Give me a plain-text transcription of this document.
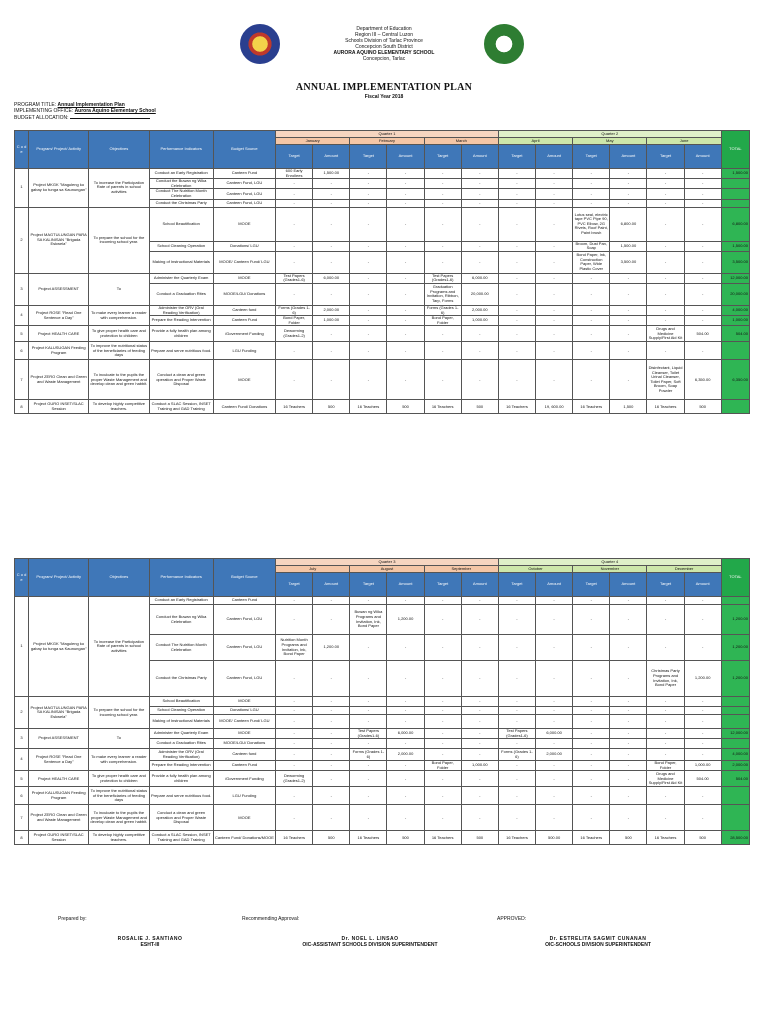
Department of Education
Region III – Central Luzon
Schools Division of Tarlac Province
Concepcion South District
AURORA AQUINO ELEMENTARY SCHOOL
Concepcion, Tarlac
ANNUAL IMPLEMENTATION PLAN
Fiscal Year 2018
PROGRAM TITLE: Annual Implementation Plan
IMPLEMENTING OFFICE: Aurora Aquino Elementary School
BUDGET ALLOCATION:
C o d e	Program/ Project/ Activity	Objectives	Performance Indicators	Budget Source	Quarter 1						Quarter 2						TOTAL
					January		February		March		April		May		June		
					Target	Amount	Target	Amount	Target	Amount	Target	Amount	Target	Amount	Target	Amount	
1	Project MKGK "Maguleng ko gabay ko tunga sa Kaunungan"	To increase the Participation Rate of parents in school activities	Conduct an Early Registration	Canteen Fund	600 Early Enrollees	1,500.00	-	-	-	-	-	-	-	-	-	-	1,500.00
			Conduct the Buwan ng Wika Celebration	Canteen Fund, LGU	-	-	-	-	-	-	-	-	-	-	-	-	
			Conduct The Nutrition Month Celebration	Canteen Fund, LGU	-	-	-	-	-	-	-	-	-	-	-	-	
			Conduct the Christmas Party	Canteen Fund, LGU	-	-	-	-	-	-	-	-	-	-	-	-	
2	Project MAGTULUNGAN PARA SA KALINISAN "Brigada Eskwela"	To prepare the school for the incoming school year.	School Beautification	MOOE	-	-	-	-	-	-	-	-	Lotus seal, electric tape PVC Pipe 90, PVC Elbow, 2G Rivets, Roof Paint, Paint brush	6,800.00	-	-	6,800.00
			School Cleaning Operation	Donations/ LGU	-	-	-	-	-	-	-	-	Broom, Dust Pan, Soap	1,500.00	-	-	1,500.00
			Making of Instructional Materials	MOOE/ Canteen Fund/ LGU	-	-	-	-	-	-	-	-	Bond Paper, Ink, Construction Paper, Wide Plastic Cover	3,500.00	-	-	3,500.00
3	Project ASSESSMENT	To	Administer the Quarterly Exam	MOOE	Test Papers (Grades1-6)	6,000.00	-	-	Test Papers (Grades1-6)	6,000.00	-	-	-	-	-	-	12,000.00
			Conduct a Graduation Rites	MOOE/LGU/ Donations	-	-	-	-	Graduation Programs and Invitation, Ribbon, Tarp, Forms	20,000.00	-	-	-	-	-	-	20,000.00
4	Project ROSE "Read One Sentence a Day"	To make every learner a reader with comprehension.	Administer the ORV (Oral Reading Verification)	Canteen fund	Forms (Grades 1-6)	2,000.00	-	-	Forms (Grades 1-6)	2,000.00	-	-	-	-	-	-	4,000.00
			Prepare the Reading Intervention	Canteen Fund	Bond Paper, Folder	1,000.00	-	-	Bond Paper, Folder	1,000.00	-	-	-	-	-	-	1,000.00
5	Project HEALTH CARE	To give proper health care and protection to children	Provide a fully health plan among children	/Government Funding	Deworming (Grades1-2)	-	-	-	-	-	-	-	-	-	Drugs and Medicine Supply/First Aid Kit	504.00	504.00
6	Project KALUSUGAN Feeding Program	To improve the nutritional status of the beneficiaries of feeding days	Prepare and serve nutritious food.	LGU Funding	-	-	-	-	-	-	-	-	-	-	-	-	
7	Project ZERO Clean and Green and Waste Management	To inculcate to the pupils the proper Waste Management and develop clean and green habbit.	Conduct a clean and green operation and Proper Waste Disposal	MOOE	-	-	-	-	-	-	-	-	-	-	Disinfectant, Liquid Cleanser, Toilet Urinal Cleanser, Toilet Paper, Soft Broom, Soap Powder	6,350.00	6,350.00
8	Project GURO INSET/SLAC Session	To develop highly competitive teachers.	Conduct a SLAC Session, INSET Training and GAD Training	Canteen Fund/ Donations	16 Teachers	500	16 Teachers	500	16 Teachers	500	16 Teachers	19, 600.00	16 Teachers	1,500	16 Teachers	500	
C o d e	Program/ Project/ Activity	Objectives	Performance Indicators	Budget Source	Quarter 3						Quarter 4						TOTAL
					July		August		September		October		November		December		
					Target	Amount	Target	Amount	Target	Amount	Target	Amount	Target	Amount	Target	Amount	
1	Project MKGK "Maguleng ko gabay ko tunga sa Kaunungan"	To increase the Participation Rate of parents in school activities	Conduct an Early Registration	Canteen Fund	-	-	-	-	-	-	-	-	-	-	-	-	
			Conduct the Buwan ng Wika Celebration	Canteen Fund, LGU	-	-	Buwan ng Wika Programs and Invitation, Ink, Bond Paper	1,200.00	-	-	-	-	-	-	-	-	1,200.00
			Conduct The Nutrition Month Celebration	Canteen Fund, LGU	Nutrition Month Programs and Invitation, Ink, Bond Paper	1,200.00	-	-	-	-	-	-	-	-	-	-	1,200.00
			Conduct the Christmas Party	Canteen Fund, LGU	-	-	-	-	-	-	-	-	-	-	Christmas Party Programs and Invitation, Ink, Bond Paper	1,200.00	1,200.00
2	Project MAGTULUNGAN PARA SA KALINISAN "Brigada Eskwela"	To prepare the school for the incoming school year.	School Beautification	MOOE	-	-	-	-	-	-	-	-	-	-	-	-	
			School Cleaning Operation	Donations/ LGU	-	-	-	-	-	-	-	-	-	-	-	-	
			Making of Instructional Materials	MOOE/ Canteen Fund/ LGU	-	-	-	-	-	-	-	-	-	-	-	-	
3	Project ASSESSMENT	To	Administer the Quarterly Exam	MOOE	-	-	Test Papers (Grades1-6)	6,000.00	-	-	Test Papers (Grades1-6)	6,000.00	-	-	-	-	12,000.00
			Conduct a Graduation Rites	MOOE/LGU/ Donations	-	-	-	-	-	-	-	-	-	-	-	-	
4	Project ROSE "Read One Sentence a Day"	To make every learner a reader with comprehension.	Administer the ORV (Oral Reading Verification)	Canteen fund	-	-	Forms (Grades 1-6)	2,000.00	-	-	Forms (Grades 1-6)	2,000.00	-	-	-	-	4,000.00
			Prepare the Reading Intervention	Canteen Fund	-	-	-	-	Bond Paper, Folder	1,000.00	-	-	-	-	Bond Paper, Folder	1,000.00	2,000.00
5	Project HEALTH CARE	To give proper health care and protection to children	Provide a fully health plan among children	/Government Funding	Deworming (Grades1-2)	-	-	-	-	-	-	-	-	-	Drugs and Medicine Supply/First Aid Kit	504.00	504.00
6	Project KALUSUGAN Feeding Program	To improve the nutritional status of the beneficiaries of feeding days	Prepare and serve nutritious food.	LGU Funding	-	-	-	-	-	-	-	-	-	-	-	-	
7	Project ZERO Clean and Green and Waste Management	To inculcate to the pupils the proper Waste Management and develop clean and green habbit.	Conduct a clean and green operation and Proper Waste Disposal	MOOE	-	-	-	-	-	-	-	-	-	-	-	-	
8	Project GURO INSET/SLAC Session	To develop highly competitive teachers.	Conduct a SLAC Session, INSET Training and GAD Training	Canteen Fund/ Donations/MOOE	16 Teachers	500	16 Teachers	500	16 Teachers	500	16 Teachers	500.00	16 Teachers	500	16 Teachers	500	28,500.00
Prepared by:	Recommending Approval:	APPROVED:
ROSALIE J. SANTIANO
ESHT-III
Dr. NOEL L. LINSAO
OIC-ASSISTANT SCHOOLS DIVISION SUPERINTENDENT
Dr. ESTRELITA SAGMIT CUNANAN
OIC-SCHOOLS DIVISION SUPERINTENDENT
